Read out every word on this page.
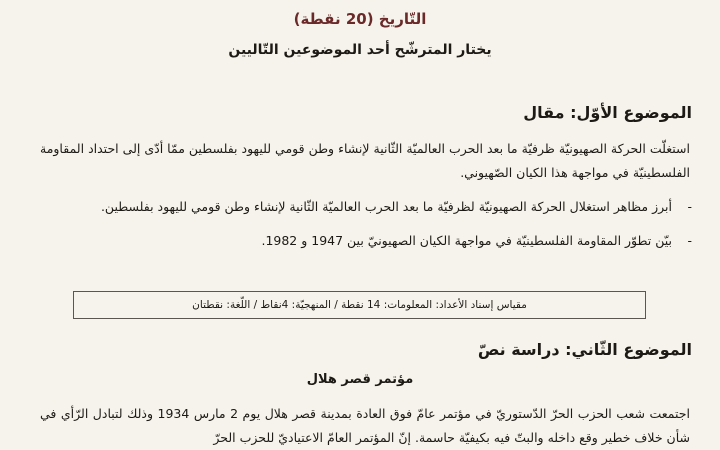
التّاريخ (20 نقطة)
يختار المترشّح أحد الموضوعين التّاليين
الموضوع الأوّل: مقال
استغلّت الحركة الصهيونيّة ظرفيّة ما بعد الحرب العالميّة الثّانية لإنشاء وطن قومي لليهود بفلسطين ممّا أدّى إلى احتداد المقاومة الفلسطينيّة في مواجهة هذا الكيان الصّهيوني.
- أبرز مظاهر استغلال الحركة الصهيونيّة لظرفيّة ما بعد الحرب العالميّة الثّانية لإنشاء وطن قومي لليهود بفلسطين.
- بيّن تطوّر المقاومة الفلسطينيّة في مواجهة الكيان الصهيونيّ بين 1947 و 1982.
مقياس إسناد الأعداد: المعلومات: 14 نقطة / المنهجيّة: 4نقاط / اللّغة: نقطتان
الموضوع الثّاني: دراسة نصّ
مؤتمر قصر هلال
اجتمعت شعب الحزب الحرّ الدّستوريّ في مؤتمر عامّ فوق العادة بمدينة قصر هلال يوم 2 مارس 1934 وذلك لتبادل الرّأي في شأن خلاف خطير وقع داخله والبتّ فيه بكيفيّة حاسمة. إنّ المؤتمر العامّ الاعتياديّ للحزب الحرّ
